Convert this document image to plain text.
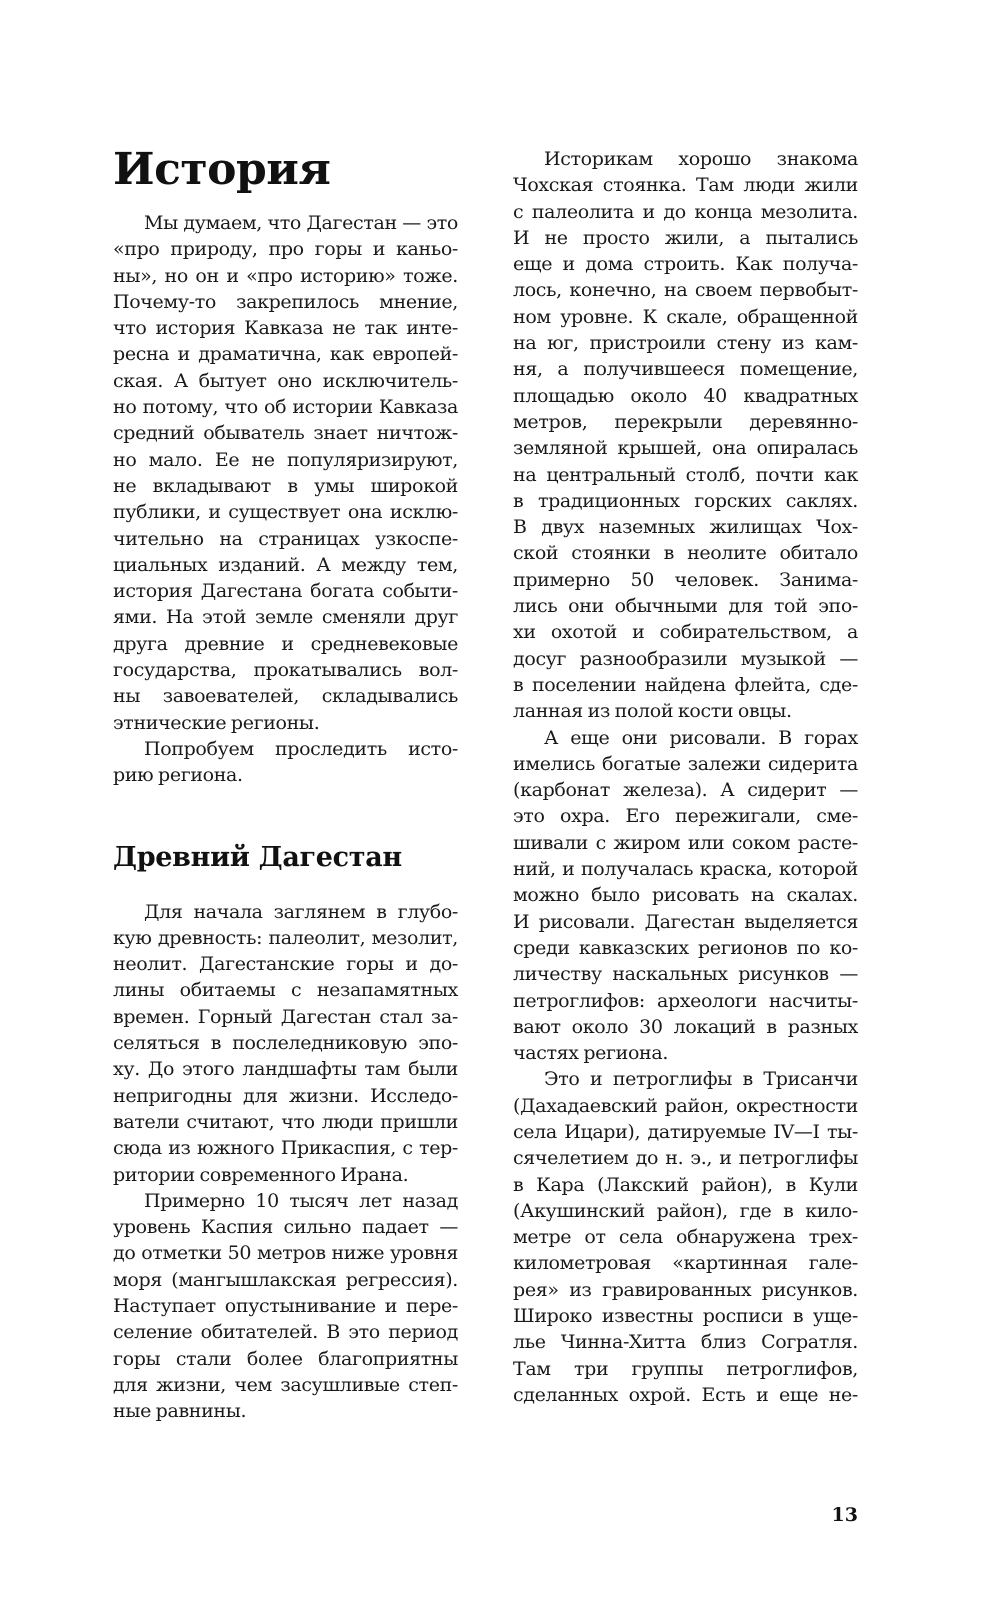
История
Мы думаем, что Дагестан — это
«про природу, про горы и каньо-
ны», но он и «про историю» тоже.
Почему-то закрепилось мнение,
что история Кавказа не так инте-
ресна и драматична, как европей-
ская. А бытует оно исключитель-
но потому, что об истории Кавказа
средний обыватель знает ничтож-
но мало. Ее не популяризируют,
не вкладывают в умы широкой
публики, и существует она исклю-
чительно на страницах узкоспе-
циальных изданий. А между тем,
история Дагестана богата событи-
ями. На этой земле сменяли друг
друга древние и средневековые
государства, прокатывались вол-
ны завоевателей, складывались
этнические регионы.
Попробуем проследить исто-
рию региона.
Древний Дагестан
Для начала заглянем в глубо-
кую древность: палеолит, мезолит,
неолит. Дагестанские горы и до-
лины обитаемы с незапамятных
времен. Горный Дагестан стал за-
селяться в послеледниковую эпо-
ху. До этого ландшафты там были
непригодны для жизни. Исследо-
ватели считают, что люди пришли
сюда из южного Прикаспия, с тер-
ритории современного Ирана.
Примерно 10 тысяч лет назад
уровень Каспия сильно падает —
до отметки 50 метров ниже уровня
моря (мангышлакская регрессия).
Наступает опустынивание и пере-
селение обитателей. В это период
горы стали более благоприятны
для жизни, чем засушливые степ-
ные равнины.
Историкам хорошо знакома
Чохская стоянка. Там люди жили
с палеолита и до конца мезолита.
И не просто жили, а пытались
еще и дома строить. Как получа-
лось, конечно, на своем первобыт-
ном уровне. К скале, обращенной
на юг, пристроили стену из кам-
ня, а получившееся помещение,
площадью около 40 квадратных
метров, перекрыли деревянно-
земляной крышей, она опиралась
на центральный столб, почти как
в традиционных горских саклях.
В двух наземных жилищах Чох-
ской стоянки в неолите обитало
примерно 50 человек. Занима-
лись они обычными для той эпо-
хи охотой и собирательством, а
досуг разнообразили музыкой —
в поселении найдена флейта, сде-
ланная из полой кости овцы.
А еще они рисовали. В горах
имелись богатые залежи сидерита
(карбонат железа). А сидерит —
это охра. Его пережигали, сме-
шивали с жиром или соком расте-
ний, и получалась краска, которой
можно было рисовать на скалах.
И рисовали. Дагестан выделяется
среди кавказских регионов по ко-
личеству наскальных рисунков —
петроглифов: археологи насчиты-
вают около 30 локаций в разных
частях региона.
Это и петроглифы в Трисанчи
(Дахадаевский район, окрестности
села Ицари), датируемые IV—I ты-
сячелетием до н. э., и петроглифы
в Кара (Лакский район), в Кули
(Акушинский район), где в кило-
метре от села обнаружена трех-
километровая «картинная гале-
рея» из гравированных рисунков.
Широко известны росписи в уще-
лье Чинна-Хитта близ Согратля.
Там три группы петроглифов,
сделанных охрой. Есть и еще не-
13
